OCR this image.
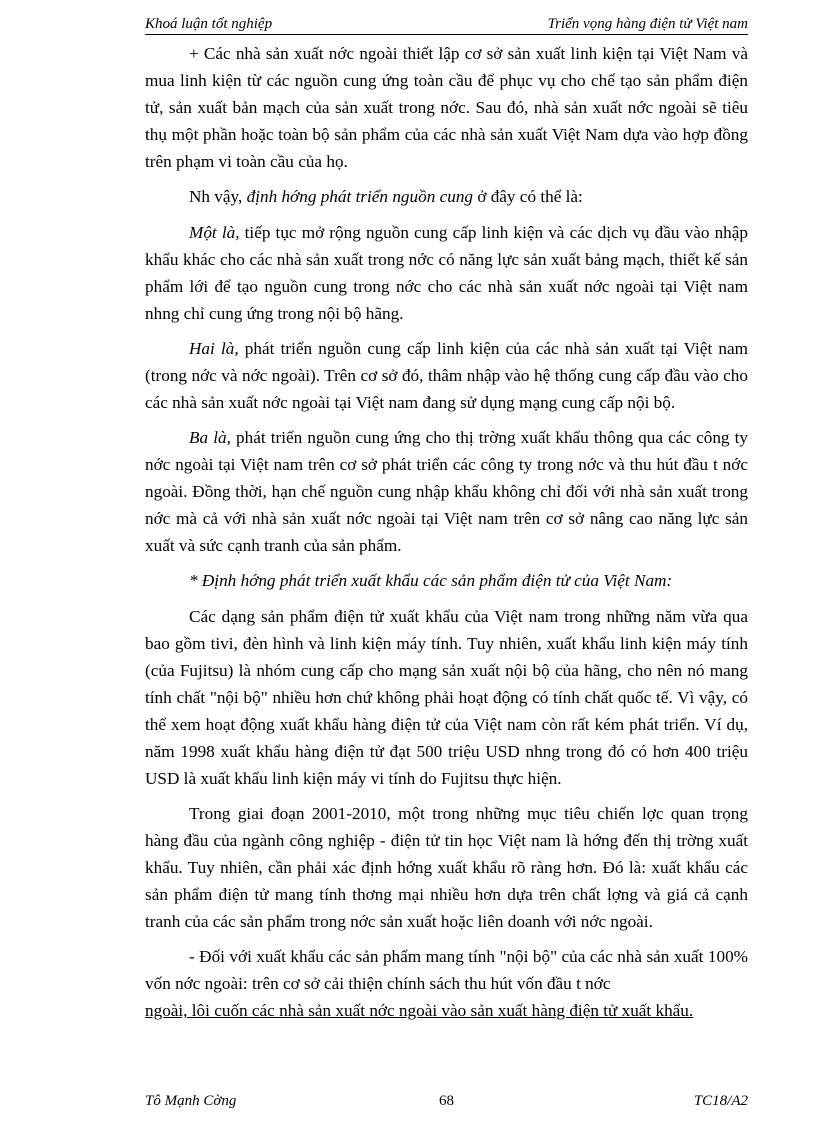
Khoá luận tốt nghiệp	Triển vọng hàng điện tử Việt nam

+ Các nhà sản xuất nớc ngoài thiết lập cơ sở sản xuất linh kiện tại Việt Nam và mua linh kiện từ các nguồn cung ứng toàn cầu để phục vụ cho chế tạo sản phẩm điện tử, sản xuất bản mạch của sản xuất trong nớc. Sau đó, nhà sản xuất nớc ngoài sẽ tiêu thụ một phần hoặc toàn bộ sản phẩm của các nhà sản xuất Việt Nam dựa vào hợp đồng trên phạm vi toàn cầu của họ.

Nh vậy, định hớng phát triển nguồn cung ở đây có thể là:

Một là, tiếp tục mở rộng nguồn cung cấp linh kiện và các dịch vụ đầu vào nhập khẩu khác cho các nhà sản xuất trong nớc có năng lực sản xuất bảng mạch, thiết kế sản phẩm lới để tạo nguồn cung trong nớc cho các nhà sản xuất nớc ngoài tại Việt nam nhng chỉ cung ứng trong nội bộ hãng.

Hai là, phát triển nguồn cung cấp linh kiện của các nhà sản xuất tại Việt nam (trong nớc và nớc ngoài). Trên cơ sở đó, thâm nhập vào hệ thống cung cấp đầu vào cho các nhà sản xuất nớc ngoài tại Việt nam đang sử dụng mạng cung cấp nội bộ.

Ba là, phát triển nguồn cung ứng cho thị trờng xuất khẩu thông qua các công ty nớc ngoài tại Việt nam trên cơ sở phát triển các công ty trong nớc và thu hút đầu t nớc ngoài. Đồng thời, hạn chế nguồn cung nhập khẩu không chỉ đối với nhà sản xuất trong nớc mà cả với nhà sản xuất nớc ngoài tại Việt nam trên cơ sở nâng cao năng lực sản xuất và sức cạnh tranh của sản phẩm.

* Định hớng phát triển xuất khẩu các sản phẩm điện tử của Việt Nam:

Các dạng sản phẩm điện tử xuất khẩu của Việt nam trong những năm vừa qua bao gồm tivi, đèn hình và linh kiện máy tính. Tuy nhiên, xuất khẩu linh kiện máy tính (của Fujitsu) là nhóm cung cấp cho mạng sản xuất nội bộ của hãng, cho nên nó mang tính chất "nội bộ" nhiều hơn chứ không phải hoạt động có tính chất quốc tế. Vì vậy, có thể xem hoạt động xuất khẩu hàng điện tử của Việt nam còn rất kém phát triển. Ví dụ, năm 1998 xuất khẩu hàng điện tử đạt 500 triệu USD nhng trong đó có hơn 400 triệu USD là xuất khẩu linh kiện máy vi tính do Fujitsu thực hiện.

Trong giai đoạn 2001-2010, một trong những mục tiêu chiến lợc quan trọng hàng đầu của ngành công nghiệp - điện tử tin học Việt nam là hớng đến thị trờng xuất khẩu. Tuy nhiên, cần phải xác định hớng xuất khẩu rõ ràng hơn. Đó là: xuất khẩu các sản phẩm điện tử mang tính thơng mại nhiều hơn dựa trên chất lợng và giá cả cạnh tranh của các sản phẩm trong nớc sản xuất hoặc liên doanh với nớc ngoài.

- Đối với xuất khẩu các sản phẩm mang tính "nội bộ" của các nhà sản xuất 100% vốn nớc ngoài: trên cơ sở cải thiện chính sách thu hút vốn đầu t nớc
ngoài, lôi cuốn các nhà sản xuất nớc ngoài vào sản xuất hàng điện tử xuất khẩu.

Tô Mạnh Cờng	68	TC18/A2
